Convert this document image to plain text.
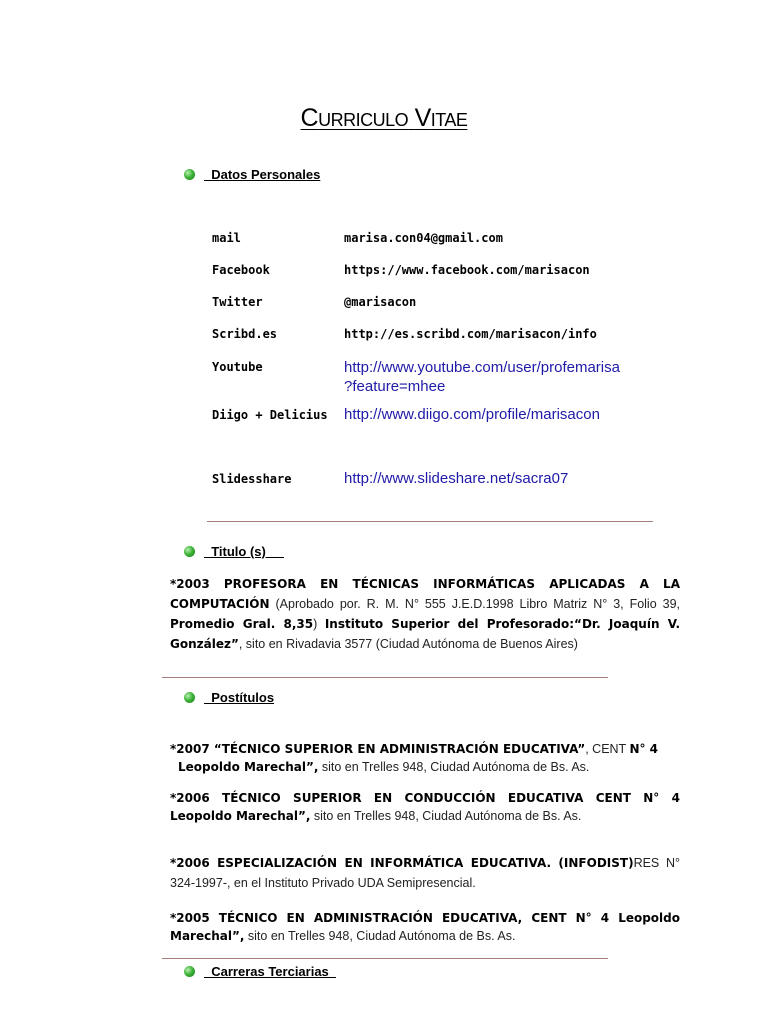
CURRICULO VITAE
Datos Personales
mail	marisa.con04@gmail.com
Facebook	https://www.facebook.com/marisacon
Twitter	@marisacon
Scribd.es	http://es.scribd.com/marisacon/info
Youtube	http://www.youtube.com/user/profemarisa
?feature=mhee
Diigo + Delicius http://www.diigo.com/profile/marisacon
Slidesshare	http://www.slideshare.net/sacra07
Titulo (s)
*2003 PROFESORA EN TÉCNICAS INFORMÁTICAS APLICADAS A LA COMPUTACIÓN (Aprobado por. R. M. N° 555 J.E.D.1998 Libro Matriz N° 3, Folio 39, Promedio Gral. 8,35) Instituto Superior del Profesorado:“Dr. Joaquín V. González”, sito en Rivadavia 3577 (Ciudad Autónoma de Buenos Aires)
Postítulos
*2007 “TÉCNICO SUPERIOR EN ADMINISTRACIÓN EDUCATIVA”, CENT N° 4
Leopoldo Marechal”, sito en Trelles 948, Ciudad Autónoma de Bs. As.
*2006 TÉCNICO SUPERIOR EN CONDUCCIÓN EDUCATIVA CENT N° 4 Leopoldo Marechal”, sito en Trelles 948, Ciudad Autónoma de Bs. As.
*2006 ESPECIALIZACIÓN EN INFORMÁTICA EDUCATIVA. (INFODIST)RES N° 324-1997-, en el Instituto Privado UDA Semipresencial.
*2005 TÉCNICO EN ADMINISTRACIÓN EDUCATIVA, CENT N° 4 Leopoldo Marechal”, sito en Trelles 948, Ciudad Autónoma de Bs. As.
Carreras Terciarias
